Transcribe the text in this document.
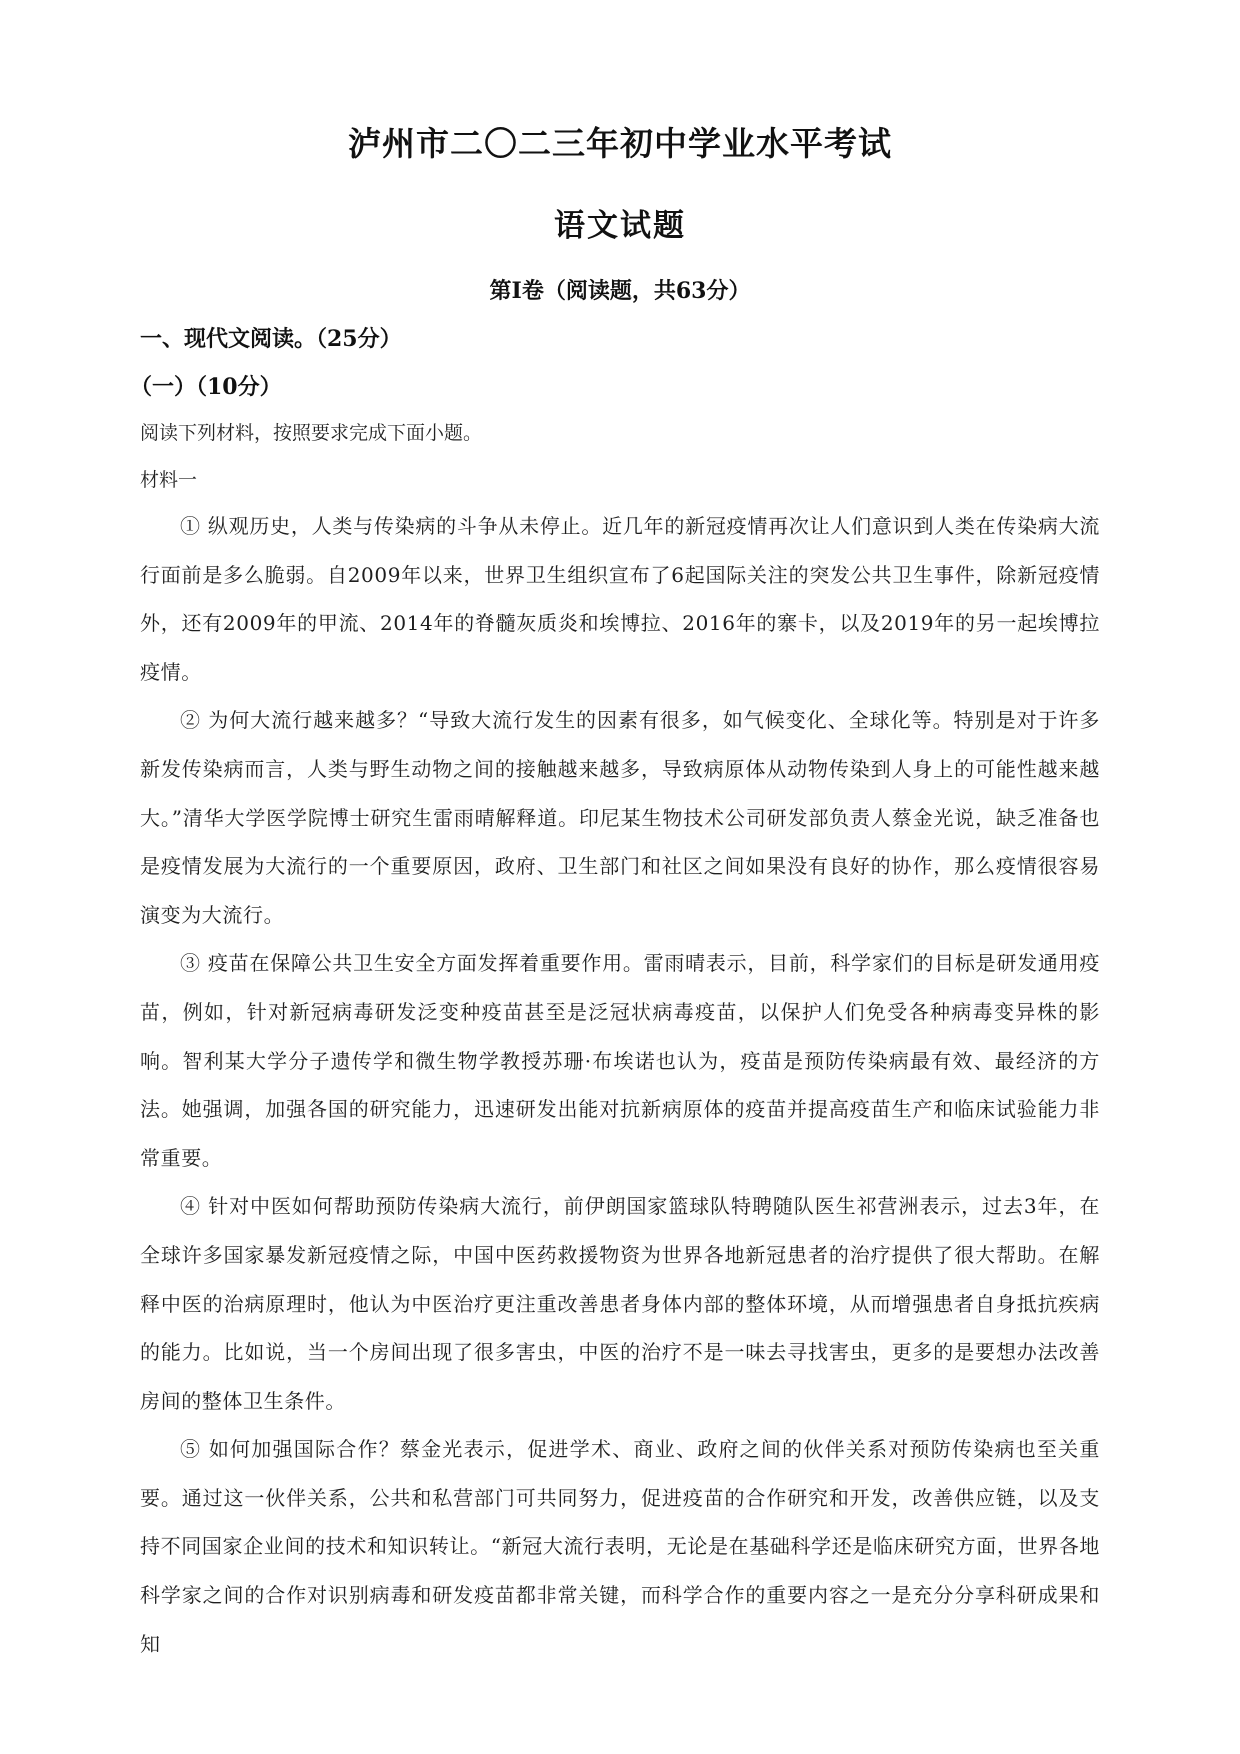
泸州市二〇二三年初中学业水平考试
语文试题
第Ⅰ卷（阅读题，共63分）
一、现代文阅读。（25分）
（一）（10分）
阅读下列材料，按照要求完成下面小题。
材料一

① 纵观历史，人类与传染病的斗争从未停止。近几年的新冠疫情再次让人们意识到人类在传染病大流行面前是多么脆弱。自2009年以来，世界卫生组织宣布了6起国际关注的突发公共卫生事件，除新冠疫情外，还有2009年的甲流、2014年的脊髓灰质炎和埃博拉、2016年的寨卡，以及2019年的另一起埃博拉疫情。

② 为何大流行越来越多？“导致大流行发生的因素有很多，如气候变化、全球化等。特别是对于许多新发传染病而言，人类与野生动物之间的接触越来越多，导致病原体从动物传染到人身上的可能性越来越大。”清华大学医学院博士研究生雷雨晴解释道。印尼某生物技术公司研发部负责人蔡金光说，缺乏准备也是疫情发展为大流行的一个重要原因，政府、卫生部门和社区之间如果没有良好的协作，那么疫情很容易演变为大流行。

③ 疫苗在保障公共卫生安全方面发挥着重要作用。雷雨晴表示，目前，科学家们的目标是研发通用疫苗，例如，针对新冠病毒研发泛变种疫苗甚至是泛冠状病毒疫苗，以保护人们免受各种病毒变异株的影响。智利某大学分子遗传学和微生物学教授苏珊·布埃诺也认为，疫苗是预防传染病最有效、最经济的方法。她强调，加强各国的研究能力，迅速研发出能对抗新病原体的疫苗并提高疫苗生产和临床试验能力非常重要。

④ 针对中医如何帮助预防传染病大流行，前伊朗国家篮球队特聘随队医生祁营洲表示，过去3年，在全球许多国家暴发新冠疫情之际，中国中医药救援物资为世界各地新冠患者的治疗提供了很大帮助。在解释中医的治病原理时，他认为中医治疗更注重改善患者身体内部的整体环境，从而增强患者自身抵抗疾病的能力。比如说，当一个房间出现了很多害虫，中医的治疗不是一味去寻找害虫，更多的是要想办法改善房间的整体卫生条件。

⑤ 如何加强国际合作？蔡金光表示，促进学术、商业、政府之间的伙伴关系对预防传染病也至关重要。通过这一伙伴关系，公共和私营部门可共同努力，促进疫苗的合作研究和开发，改善供应链，以及支持不同国家企业间的技术和知识转让。“新冠大流行表明，无论是在基础科学还是临床研究方面，世界各地科学家之间的合作对识别病毒和研发疫苗都非常关键，而科学合作的重要内容之一是充分分享科研成果和知
